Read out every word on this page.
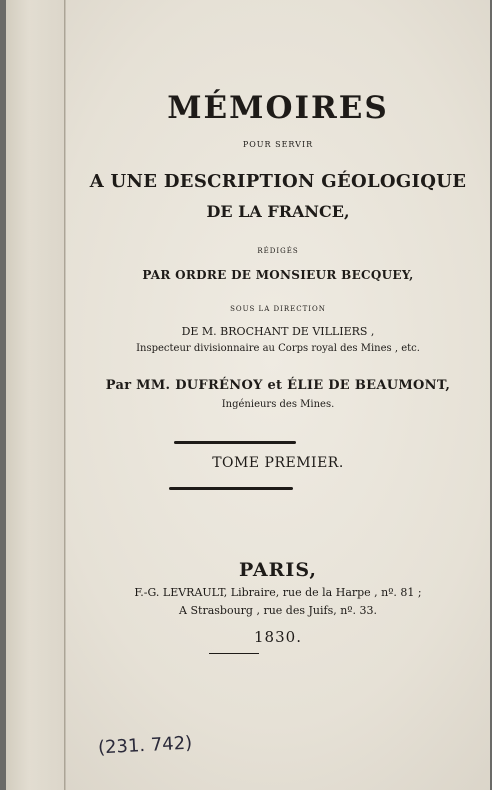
MÉMOIRES
POUR SERVIR
A UNE DESCRIPTION GÉOLOGIQUE
DE LA FRANCE,
RÉDIGÉS
PAR ORDRE DE MONSIEUR BECQUEY,
SOUS LA DIRECTION
DE M. BROCHANT DE VILLIERS ,
Inspecteur divisionnaire au Corps royal des Mines , etc.
Par MM. DUFRÉNOY et ÉLIE DE BEAUMONT,
Ingénieurs des Mines.
TOME PREMIER.
PARIS,
F.-G. LEVRAULT, Libraire, rue de la Harpe , nº. 81 ;
A Strasbourg , rue des Juifs, nº. 33.
1830.
(231. 742)
